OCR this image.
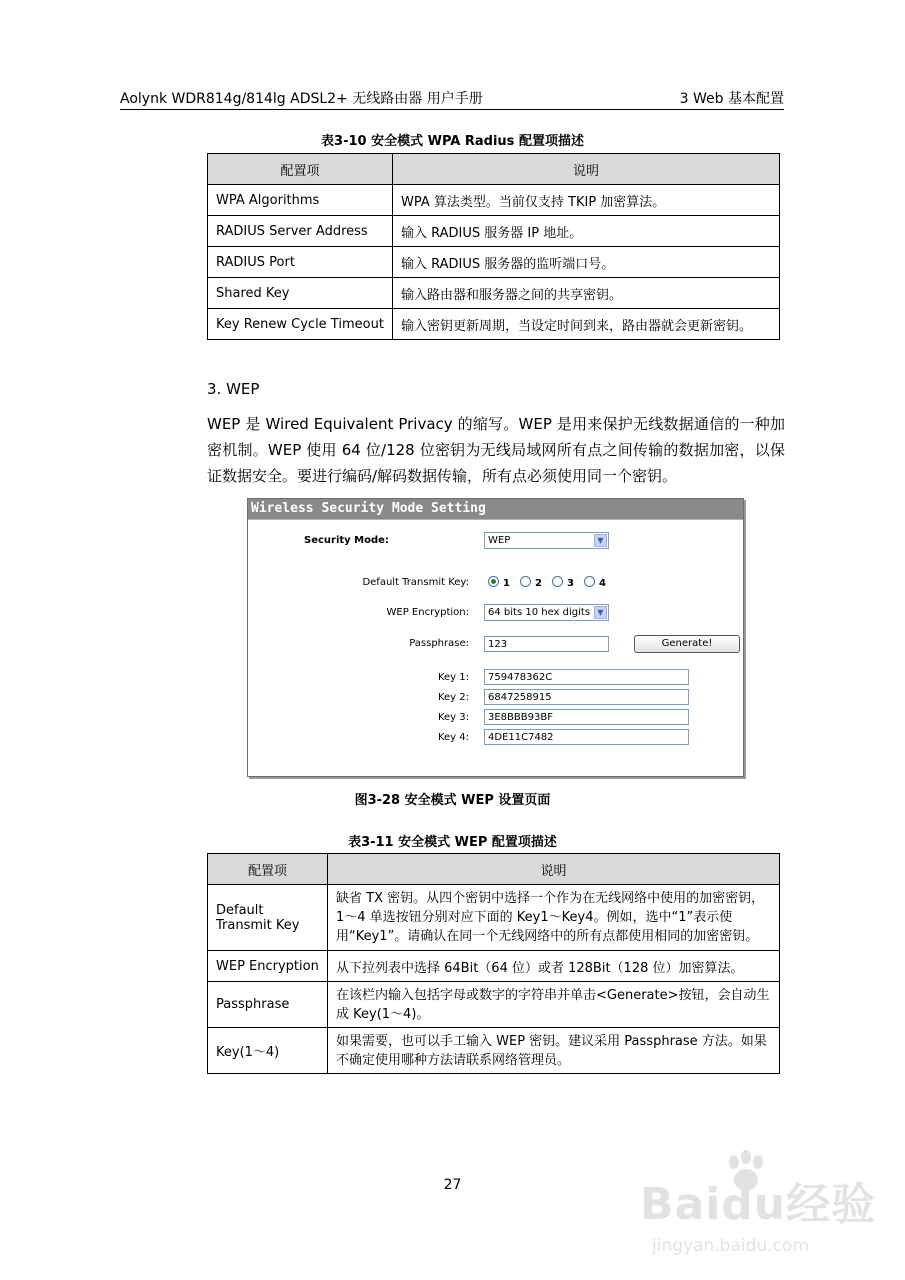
Aolynk WDR814g/814lg ADSL2+ 无线路由器 用户手册	3 Web 基本配置
表3-10 安全模式 WPA Radius 配置项描述
配置项	说明
WPA Algorithms	WPA 算法类型。当前仅支持 TKIP 加密算法。
RADIUS Server Address	输入 RADIUS 服务器 IP 地址。
RADIUS Port	输入 RADIUS 服务器的监听端口号。
Shared Key	输入路由器和服务器之间的共享密钥。
Key Renew Cycle Timeout	输入密钥更新周期，当设定时间到来，路由器就会更新密钥。
3. WEP
WEP 是 Wired Equivalent Privacy 的缩写。WEP 是用来保护无线数据通信的一种加密机制。WEP 使用 64 位/128 位密钥为无线局域网所有点之间传输的数据加密，以保证数据安全。要进行编码/解码数据传输，所有点必须使用同一个密钥。
Wireless Security Mode Setting
Security Mode:	WEP	▼
Default Transmit Key:	1	2	3	4
WEP Encryption:	64 bits 10 hex digits ▼
Passphrase:	123	Generate!
Key 1:	759478362C
Key 2:	6847258915
Key 3:	3E8BBB93BF
Key 4:	4DE11C7482
图3-28 安全模式 WEP 设置页面
表3-11 安全模式 WEP 配置项描述
配置项	说明
Default Transmit Key	缺省 TX 密钥。从四个密钥中选择一个作为在无线网络中使用的加密密钥，1～4 单选按钮分别对应下面的 Key1～Key4。例如，选中“1”表示使用“Key1”。请确认在同一个无线网络中的所有点都使用相同的加密密钥。
WEP Encryption	从下拉列表中选择 64Bit（64 位）或者 128Bit（128 位）加密算法。
Passphrase	在该栏内输入包括字母或数字的字符串并单击<Generate>按钮，会自动生成 Key(1～4)。
Key(1～4)	如果需要，也可以手工输入 WEP 密钥。建议采用 Passphrase 方法。如果不确定使用哪种方法请联系网络管理员。
27	Baidu经验
jingyan.baidu.com
